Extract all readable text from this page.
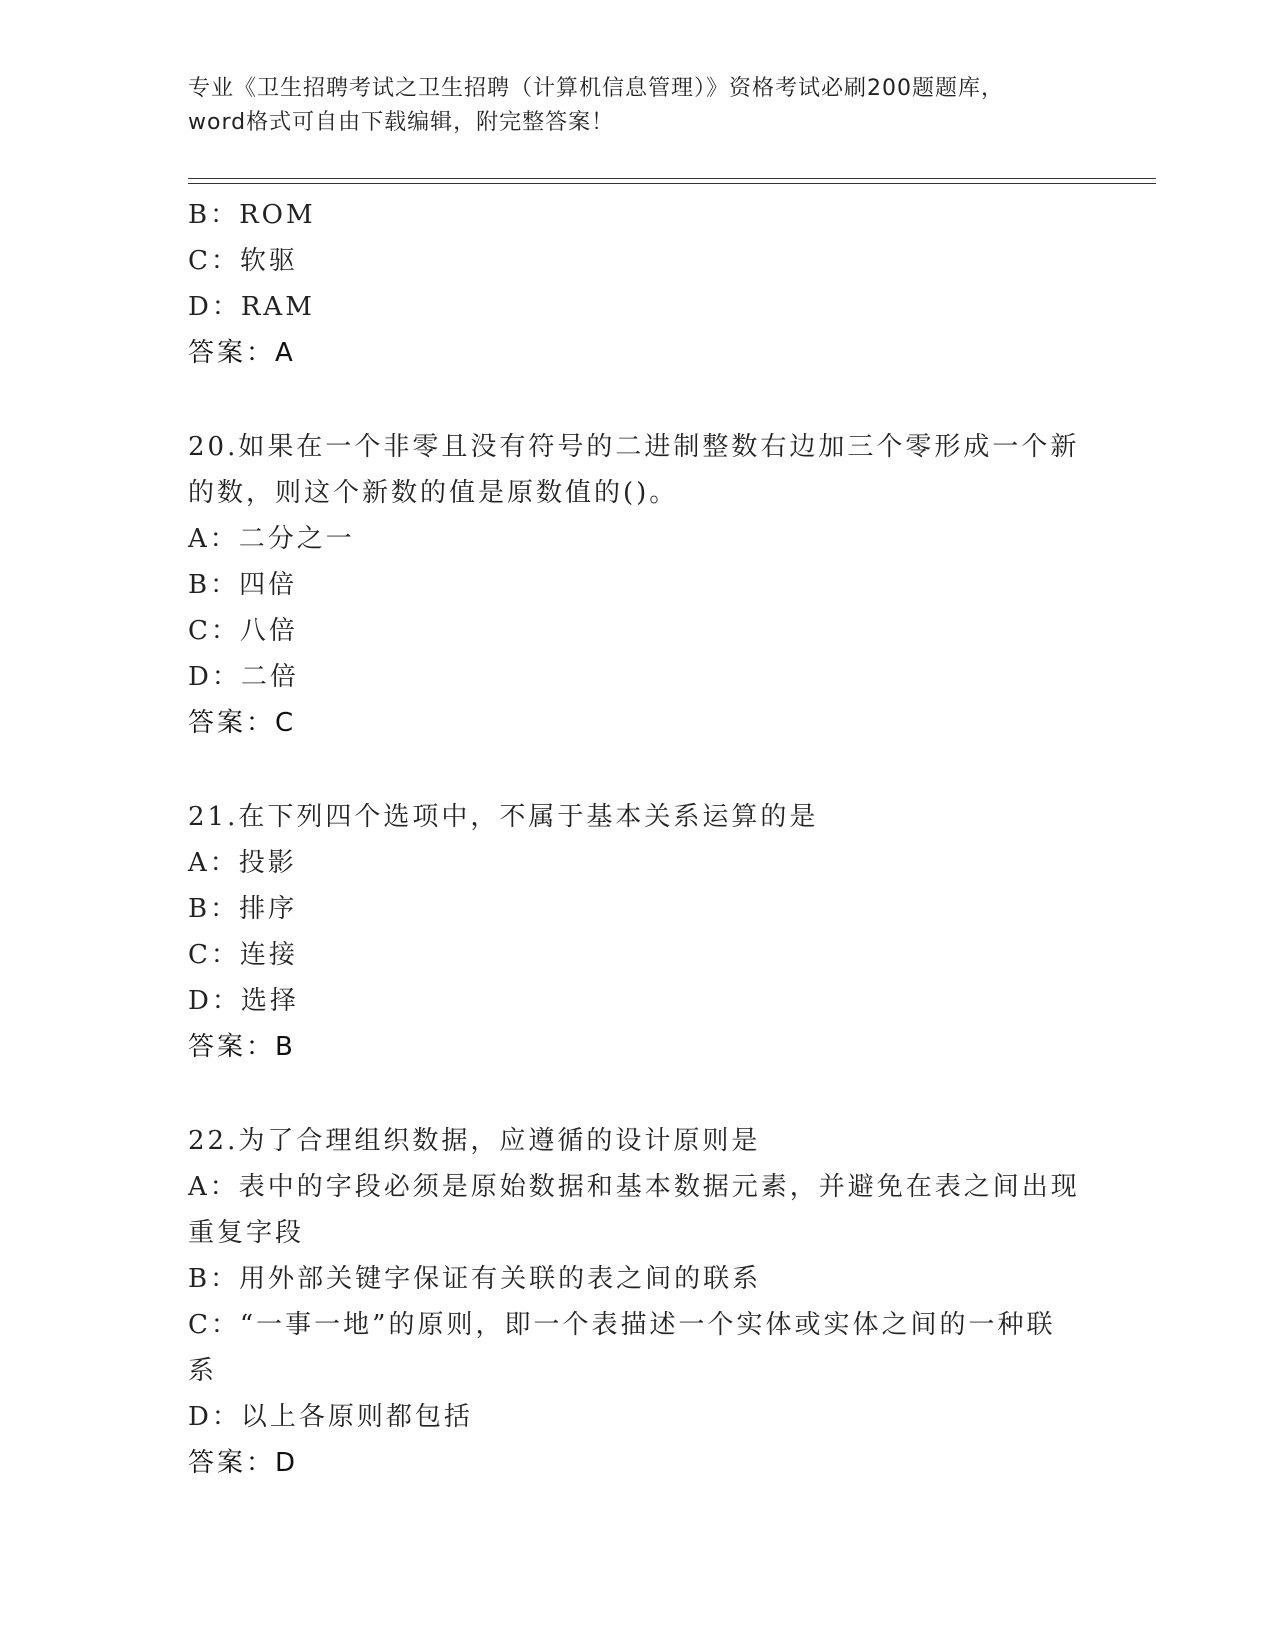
专业《卫生招聘考试之卫生招聘（计算机信息管理）》资格考试必刷200题题库，
word格式可自由下载编辑，附完整答案！
B：ROM
C：软驱
D：RAM
答案：A
20.如果在一个非零且没有符号的二进制整数右边加三个零形成一个新
的数，则这个新数的值是原数值的()。
A：二分之一
B：四倍
C：八倍
D：二倍
答案：C
21.在下列四个选项中，不属于基本关系运算的是
A：投影
B：排序
C：连接
D：选择
答案：B
22.为了合理组织数据，应遵循的设计原则是
A：表中的字段必须是原始数据和基本数据元素，并避免在表之间出现
重复字段
B：用外部关键字保证有关联的表之间的联系
C：“一事一地”的原则，即一个表描述一个实体或实体之间的一种联
系
D：以上各原则都包括
答案：D
